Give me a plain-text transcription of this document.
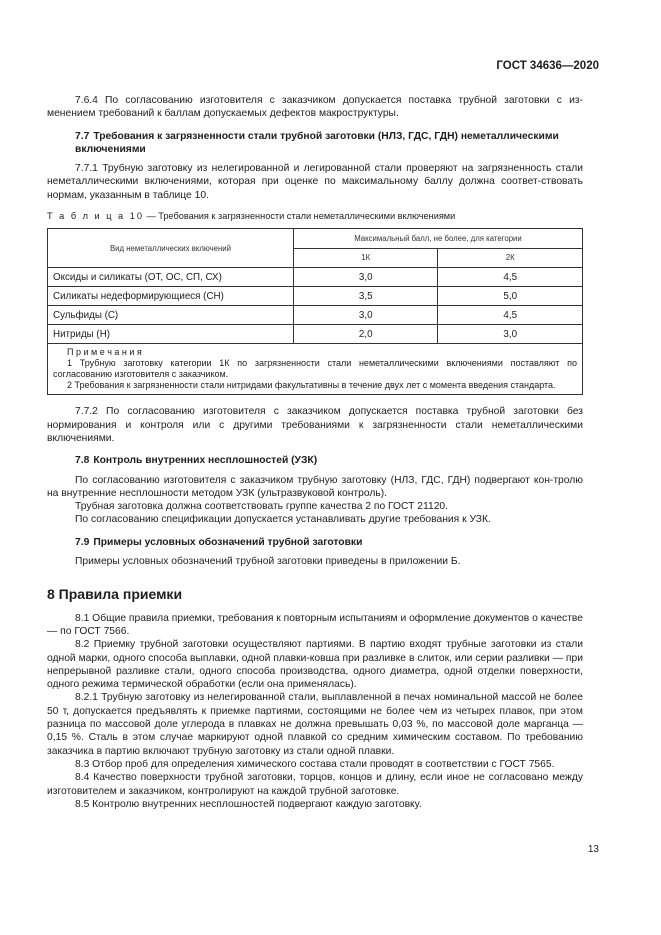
ГОСТ 34636—2020

7.6.4 По согласованию изготовителя с заказчиком допускается поставка трубной заготовки с из-менением требований к баллам допускаемых дефектов макроструктуры.

7.7 Требования к загрязненности стали трубной заготовки (НЛЗ, ГДС, ГДН) неметаллическими включениями

7.7.1 Трубную заготовку из нелегированной и легированной стали проверяют на загрязненность стали неметаллическими включениями, которая при оценке по максимальному баллу должна соответ-ствовать нормам, указанным в таблице 10.

Т а б л и ц а 10 — Требования к загрязненности стали неметаллическими включениями
Вид неметаллических включений	Максимальный балл, не более, для категории	
	1К	2К
Оксиды и силикаты (ОТ, ОС, СП, СХ)	3,0	4,5
Силикаты недеформирующиеся (СН)	3,5	5,0
Сульфиды (С)	3,0	4,5
Нитриды (Н)	2,0	3,0

П р и м е ч а н и я

1 Трубную заготовку категории 1К по загрязненности стали неметаллическими включениями поставляют по согласованию изготовителя с заказчиком.

2 Требования к загрязненности стали нитридами факультативны в течение двух лет с момента введения стандарта.		

7.7.2 По согласованию изготовителя с заказчиком допускается поставка трубной заготовки без нормирования и контроля или с другими требованиями к загрязненности стали неметаллическими включениями.

7.8 Контроль внутренних несплошностей (УЗК)

По согласованию изготовителя с заказчиком трубную заготовку (НЛЗ, ГДС, ГДН) подвергают кон-тролю на внутренние несплошности методом УЗК (ультразвуковой контроль).

Трубная заготовка должна соответствовать группе качества 2 по ГОСТ 21120.

По согласованию спецификации допускается устанавливать другие требования к УЗК.

7.9 Примеры условных обозначений трубной заготовки

Примеры условных обозначений трубной заготовки приведены в приложении Б.

8 Правила приемки

8.1 Общие правила приемки, требования к повторным испытаниям и оформление документов о качестве — по ГОСТ 7566.

8.2 Приемку трубной заготовки осуществляют партиями. В партию входят трубные заготовки из стали одной марки, одного способа выплавки, одной плавки-ковша при разливке в слиток, или серии разливки — при непрерывной разливке стали, одного способа производства, одного диаметра, одной отделки поверхности, одного режима термической обработки (если она применялась).

8.2.1 Трубную заготовку из нелегированной стали, выплавленной в печах номинальной массой не более 50 т, допускается предъявлять к приемке партиями, состоящими не более чем из четырех плавок, при этом разница по массовой доле углерода в плавках не должна превышать 0,03 %, по массовой доле марганца — 0,15 %. Сталь в этом случае маркируют одной плавкой со средним химическим составом. По требованию заказчика в партию включают трубную заготовку из стали одной плавки.

8.3 Отбор проб для определения химического состава стали проводят в соответствии с ГОСТ 7565.

8.4 Качество поверхности трубной заготовки, торцов, концов и длину, если иное не согласовано между изготовителем и заказчиком, контролируют на каждой трубной заготовке.

8.5 Контролю внутренних несплошностей подвергают каждую заготовку.

13
